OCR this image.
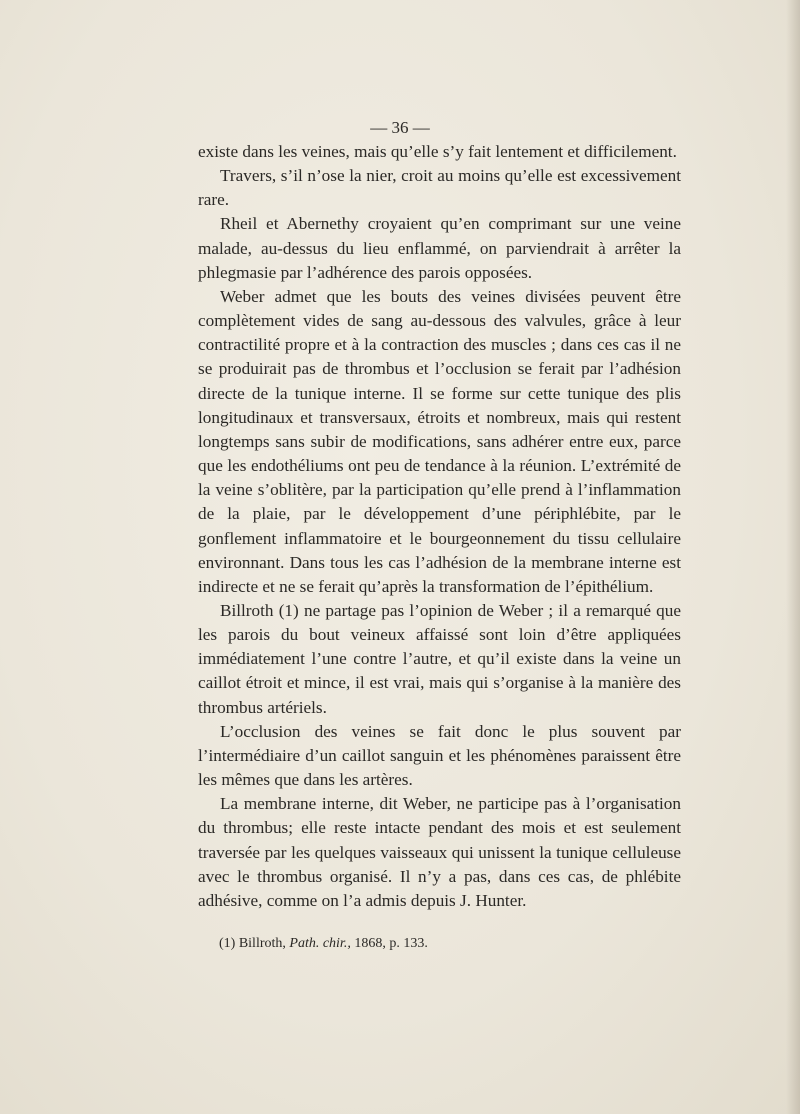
— 36 —

existe dans les veines, mais qu’elle s’y fait lentement et difficilement.

Travers, s’il n’ose la nier, croit au moins qu’elle est excessivement rare.

Rheil et Abernethy croyaient qu’en comprimant sur une veine malade, au-dessus du lieu enflammé, on parviendrait à arrêter la phlegmasie par l’adhérence des parois opposées.

Weber admet que les bouts des veines divisées peuvent être complètement vides de sang au-dessous des valvules, grâce à leur contractilité propre et à la contraction des muscles ; dans ces cas il ne se produirait pas de thrombus et l’occlusion se ferait par l’adhésion directe de la tunique interne. Il se forme sur cette tunique des plis longitudinaux et transversaux, étroits et nombreux, mais qui restent longtemps sans subir de modifications, sans adhérer entre eux, parce que les endothéliums ont peu de tendance à la réunion. L’extrémité de la veine s’oblitère, par la participation qu’elle prend à l’inflammation de la plaie, par le développement d’une périphlébite, par le gonflement inflammatoire et le bourgeonnement du tissu cellulaire environnant. Dans tous les cas l’adhésion de la membrane interne est indirecte et ne se ferait qu’après la transformation de l’épithélium.

Billroth (1) ne partage pas l’opinion de Weber ; il a remarqué que les parois du bout veineux affaissé sont loin d’être appliquées immédiatement l’une contre l’autre, et qu’il existe dans la veine un caillot étroit et mince, il est vrai, mais qui s’organise à la manière des thrombus artériels.

L’occlusion des veines se fait donc le plus souvent par l’intermédiaire d’un caillot sanguin et les phénomènes paraissent être les mêmes que dans les artères.

La membrane interne, dit Weber, ne participe pas à l’organisation du thrombus; elle reste intacte pendant des mois et est seulement traversée par les quelques vaisseaux qui unissent la tunique celluleuse avec le thrombus organisé. Il n’y a pas, dans ces cas, de phlébite adhésive, comme on l’a admis depuis J. Hunter.

(1) Billroth, Path. chir., 1868, p. 133.
